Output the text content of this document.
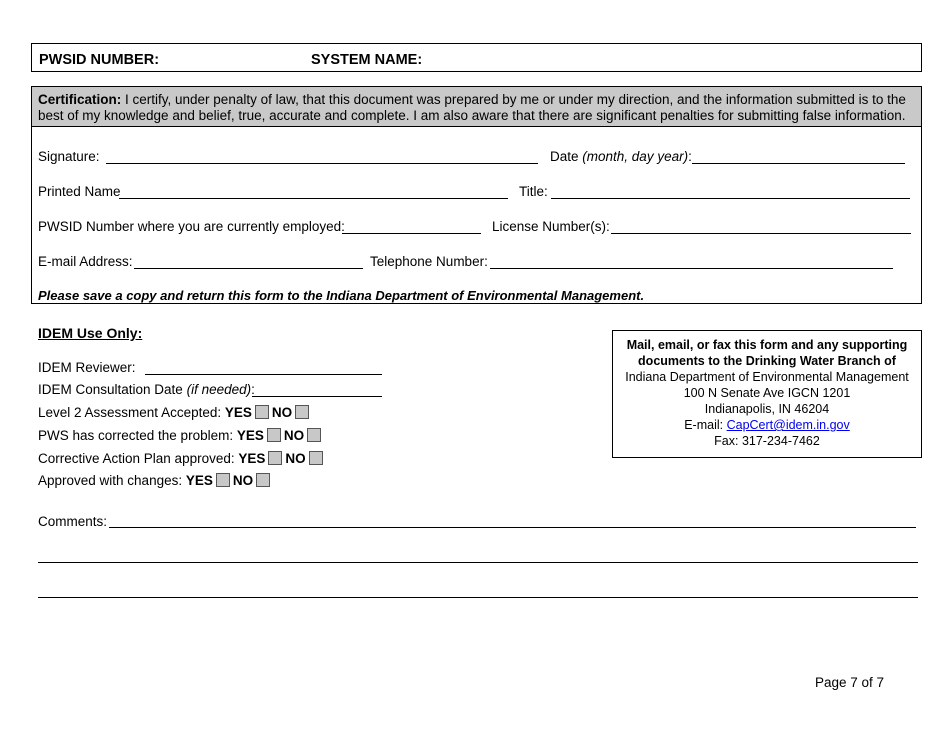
PWSID NUMBER:	SYSTEM NAME:
Certification: I certify, under penalty of law, that this document was prepared by me or under my direction, and the information submitted is to the best of my knowledge and belief, true, accurate and complete. I am also aware that there are significant penalties for submitting false information.
Signature:	Date (month, day year):
Printed Name	Title:
PWSID Number where you are currently employed:	License Number(s):
E-mail Address:	Telephone Number:
Please save a copy and return this form to the Indiana Department of Environmental Management.
IDEM Use Only:
IDEM Reviewer:
IDEM Consultation Date (if needed):
Level 2 Assessment Accepted: YES NO
PWS has corrected the problem: YES NO
Corrective Action Plan approved: YES NO
Approved with changes: YES NO
Mail, email, or fax this form and any supporting
documents to the Drinking Water Branch of
Indiana Department of Environmental Management
100 N Senate Ave IGCN 1201
Indianapolis, IN 46204
E-mail: CapCert@idem.in.gov
Fax: 317-234-7462
Comments:
Page 7 of 7
